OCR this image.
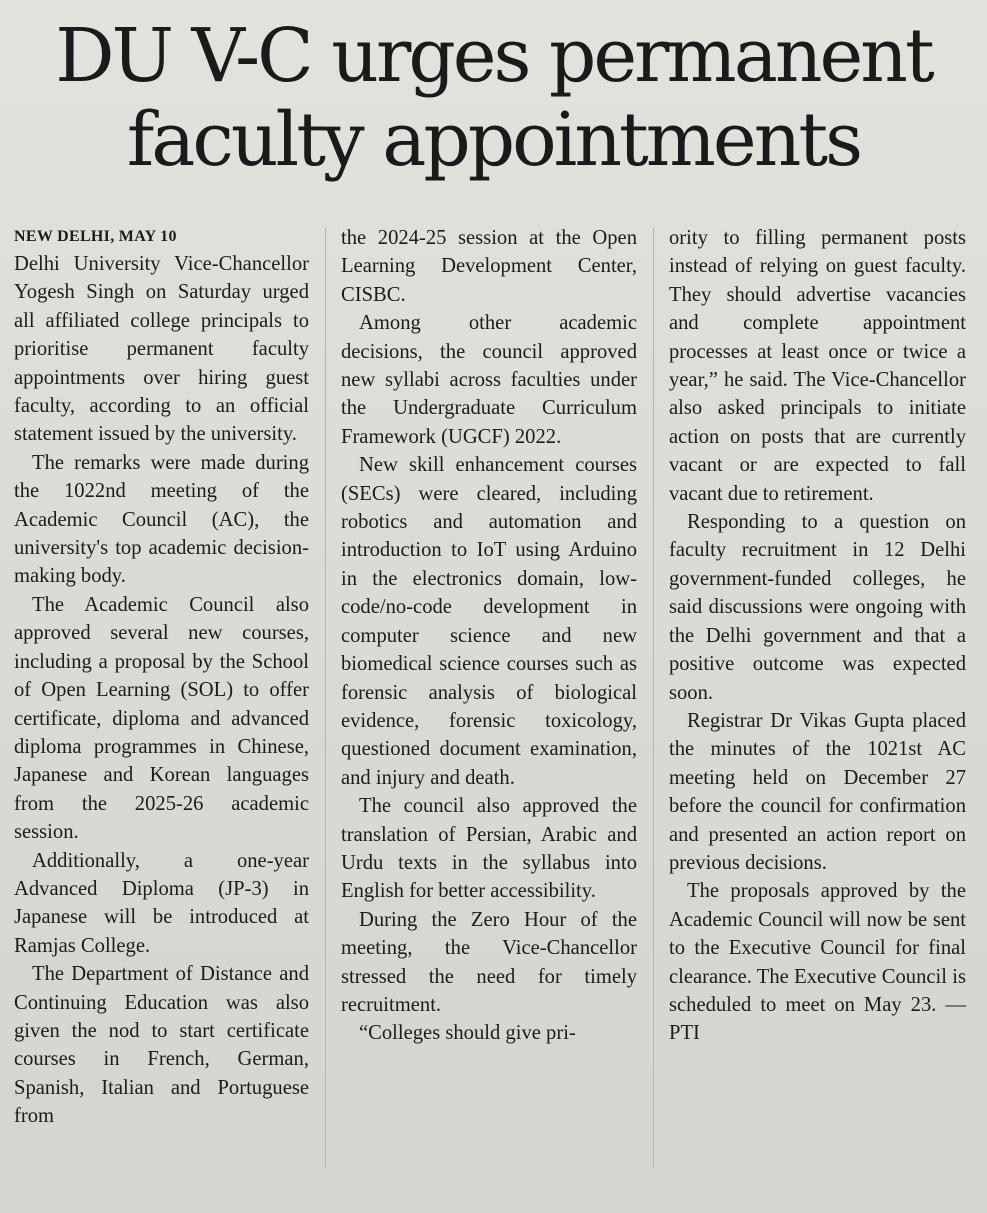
DU V-C urges permanent
faculty appointments
NEW DELHI, MAY 10

Delhi University Vice-Chancellor Yogesh Singh on Saturday urged all affiliated college principals to prioritise permanent faculty appointments over hiring guest faculty, according to an official statement issued by the university.

The remarks were made during the 1022nd meeting of the Academic Council (AC), the university's top academic decision-making body.

The Academic Council also approved several new courses, including a proposal by the School of Open Learning (SOL) to offer certificate, diploma and advanced diploma programmes in Chinese, Japanese and Korean languages from the 2025-26 academic session.

Additionally, a one-year Advanced Diploma (JP-3) in Japanese will be introduced at Ramjas College.

The Department of Distance and Continuing Education was also given the nod to start certificate courses in French, German, Spanish, Italian and Portuguese from

the 2024-25 session at the Open Learning Development Center, CISBC.

Among other academic decisions, the council approved new syllabi across faculties under the Undergraduate Curriculum Framework (UGCF) 2022.

New skill enhancement courses (SECs) were cleared, including robotics and automation and introduction to IoT using Arduino in the electronics domain, low-code/no-code development in computer science and new biomedical science courses such as forensic analysis of biological evidence, forensic toxicology, questioned document examination, and injury and death.

The council also approved the translation of Persian, Arabic and Urdu texts in the syllabus into English for better accessibility.

During the Zero Hour of the meeting, the Vice-Chancellor stressed the need for timely recruitment.

“Colleges should give pri-

ority to filling permanent posts instead of relying on guest faculty. They should advertise vacancies and complete appointment processes at least once or twice a year,” he said. The Vice-Chancellor also asked principals to initiate action on posts that are currently vacant or are expected to fall vacant due to retirement.

Responding to a question on faculty recruitment in 12 Delhi government-funded colleges, he said discussions were ongoing with the Delhi government and that a positive outcome was expected soon.

Registrar Dr Vikas Gupta placed the minutes of the 1021st AC meeting held on December 27 before the council for confirmation and presented an action report on previous decisions.

The proposals approved by the Academic Council will now be sent to the Executive Council for final clearance. The Executive Council is scheduled to meet on May 23. — PTI
